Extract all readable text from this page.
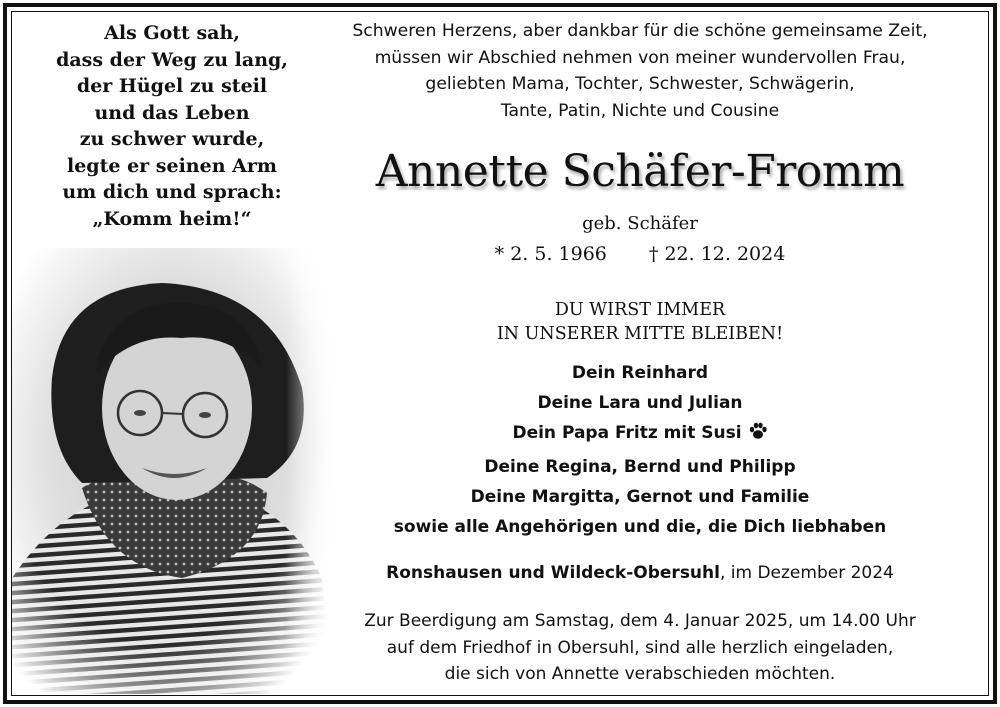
Als Gott sah,
dass der Weg zu lang,
der Hügel zu steil
und das Leben
zu schwer wurde,
legte er seinen Arm
um dich und sprach:
„Komm heim!“
Schweren Herzens, aber dankbar für die schöne gemeinsame Zeit,
müssen wir Abschied nehmen von meiner wundervollen Frau,
geliebten Mama, Tochter, Schwester, Schwägerin,
Tante, Patin, Nichte und Cousine
Annette Schäfer-Fromm
geb. Schäfer
* 2. 5. 1966 † 22. 12. 2024
DU WIRST IMMER
IN UNSERER MITTE BLEIBEN!
Dein Reinhard
Deine Lara und Julian
Dein Papa Fritz mit Susi
Deine Regina, Bernd und Philipp
Deine Margitta, Gernot und Familie
sowie alle Angehörigen und die, die Dich liebhaben
Ronshausen und Wildeck-Obersuhl, im Dezember 2024
Zur Beerdigung am Samstag, dem 4. Januar 2025, um 14.00 Uhr
auf dem Friedhof in Obersuhl, sind alle herzlich eingeladen,
die sich von Annette verabschieden möchten.
